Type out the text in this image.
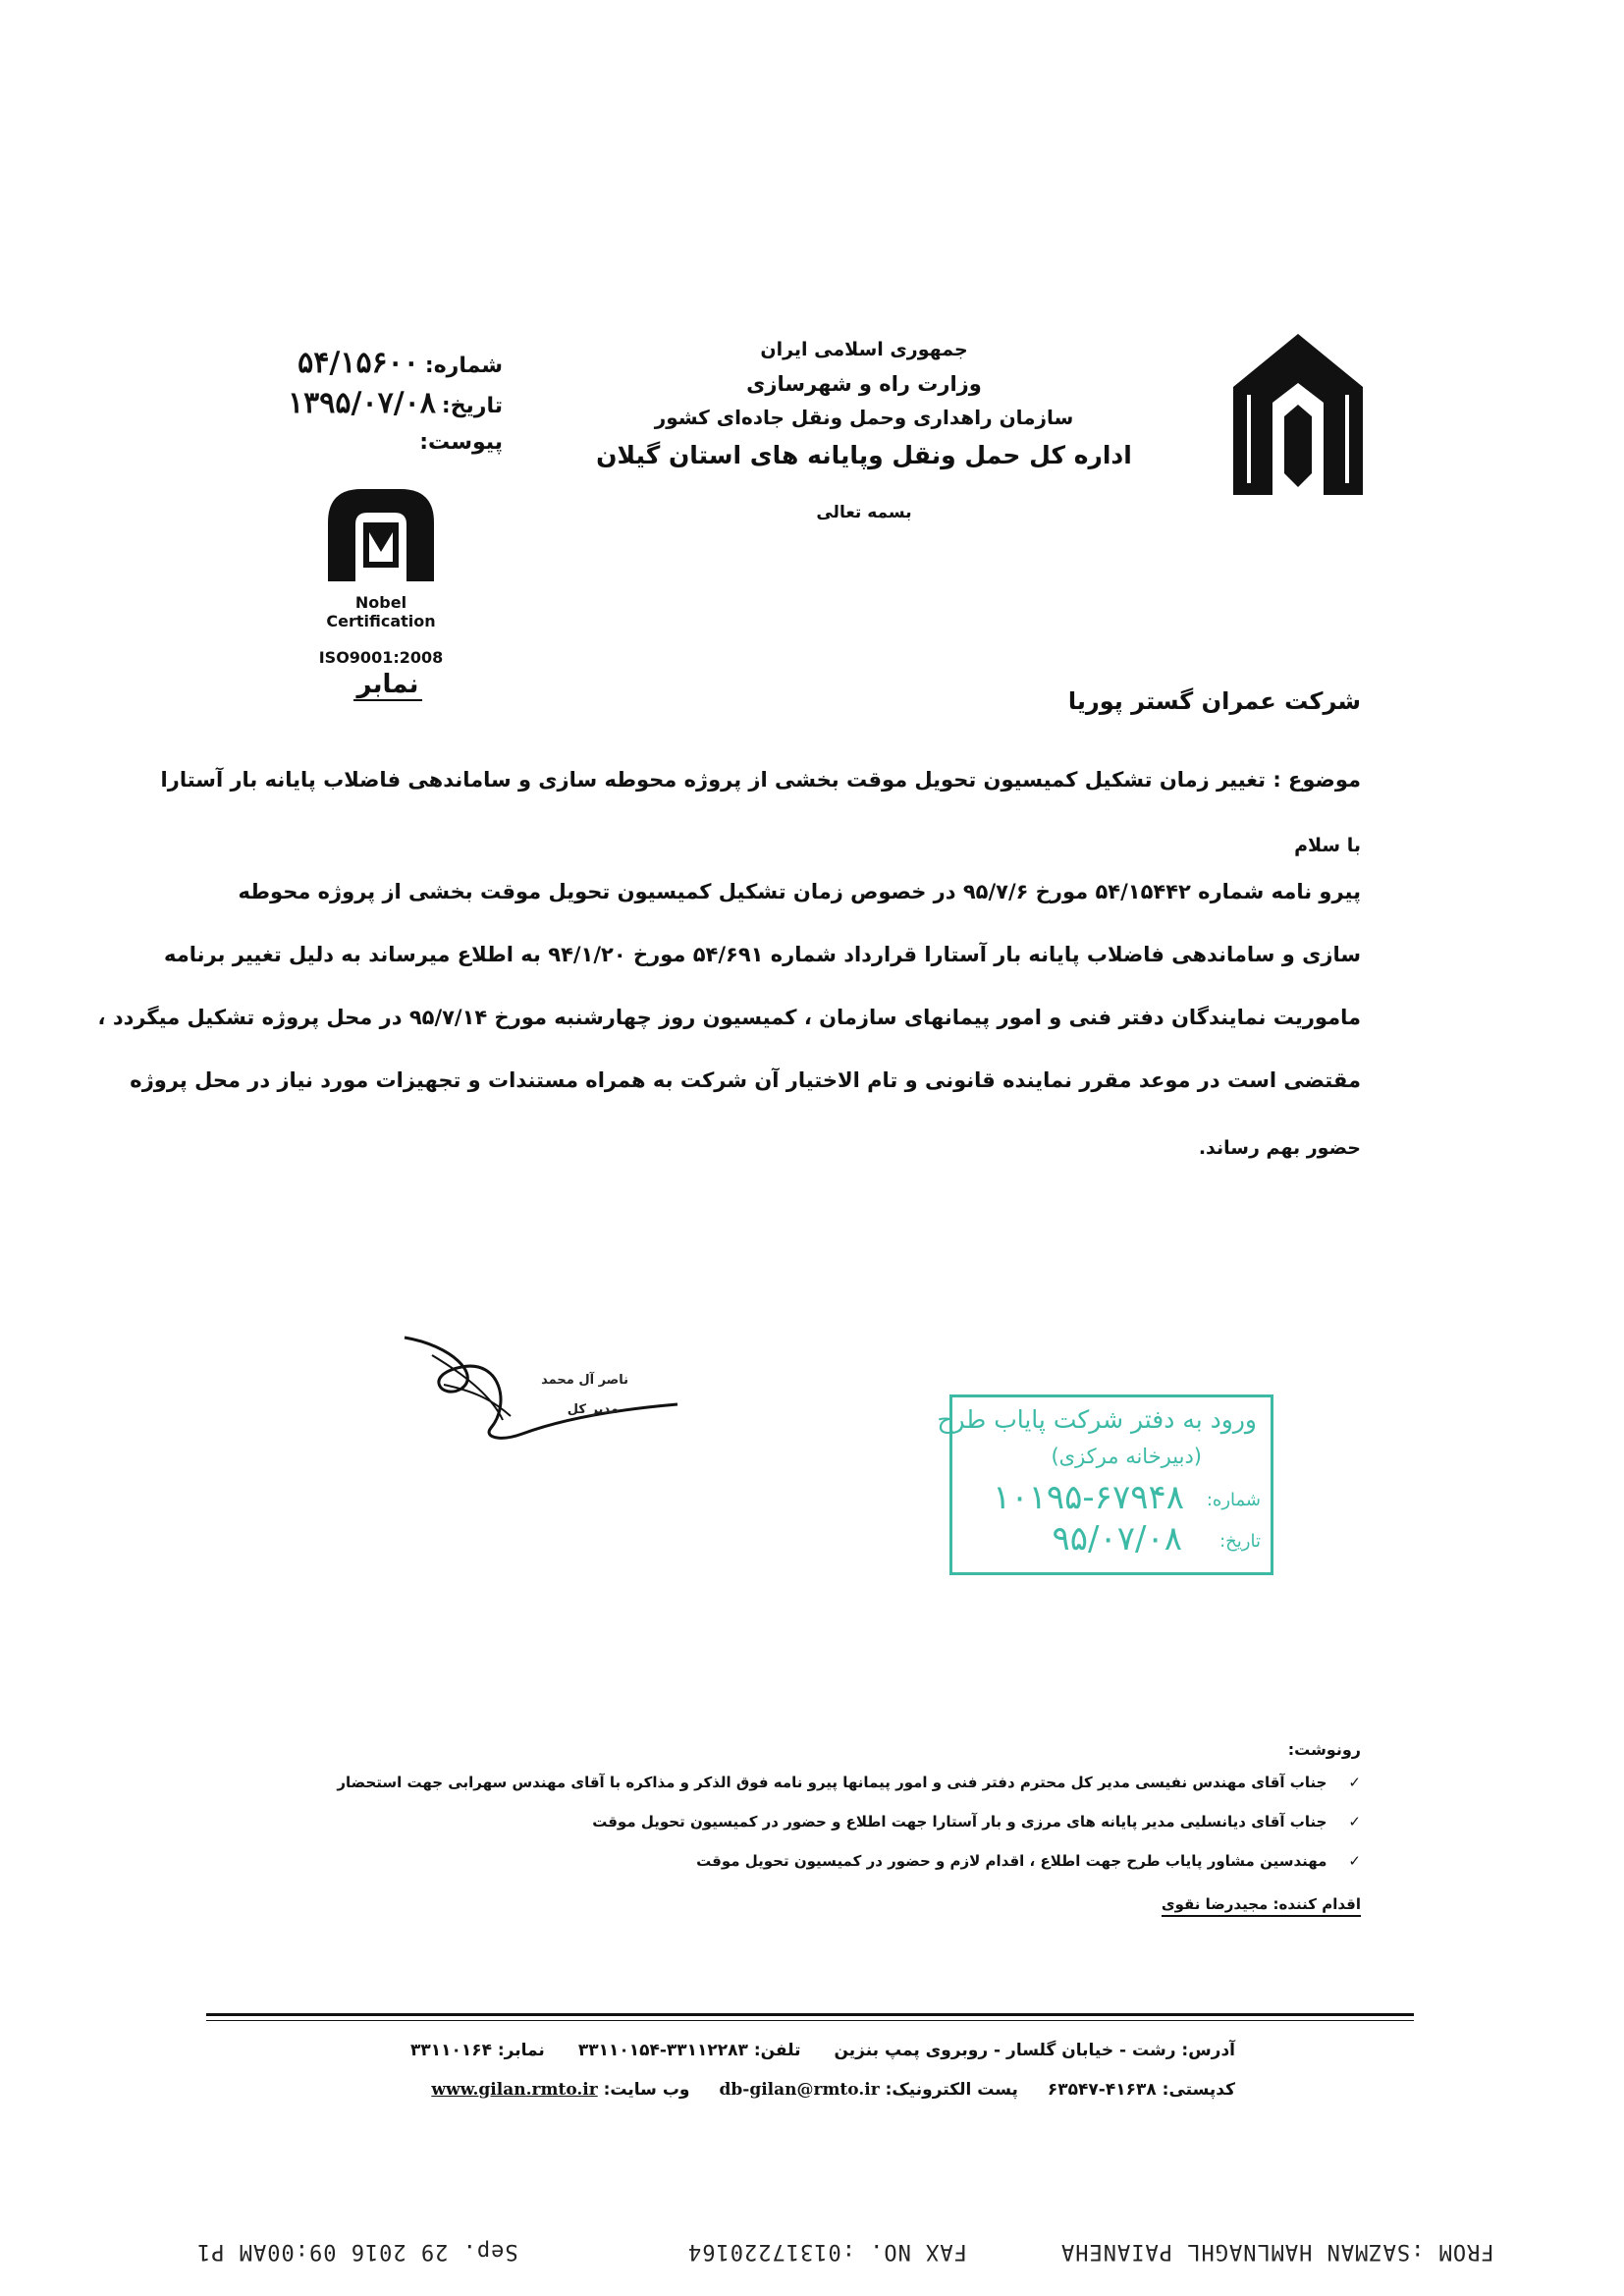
جمهوری اسلامی ایران
وزارت راه و شهرسازی
سازمان راهداری وحمل ونقل جاده‌ای کشور
اداره کل حمل ونقل وپایانه های استان گیلان
بسمه تعالی
شماره:
۵۴/۱۵۶۰۰
تاریخ:
۱۳۹۵/۰۷/۰۸
پیوست:
Nobel
Certification
ISO9001:2008
نمابر
شرکت عمران گستر پوریا
موضوع : تغییر زمان تشکیل کمیسیون تحویل موقت بخشی از پروژه محوطه سازی و ساماندهی فاضلاب پایانه بار آستارا
با سلام
پیرو نامه شماره ۵۴/۱۵۴۴۲ مورخ ۹۵/۷/۶ در خصوص زمان تشکیل کمیسیون تحویل موقت بخشی از پروژه محوطه
سازی و ساماندهی فاضلاب پایانه بار آستارا قرارداد شماره ۵۴/۶۹۱ مورخ ۹۴/۱/۲۰ به اطلاع میرساند به دلیل تغییر برنامه
ماموریت نمایندگان دفتر فنی و امور پیمانهای سازمان ، کمیسیون روز چهارشنبه مورخ ۹۵/۷/۱۴ در محل پروژه تشکیل میگردد ،
مقتضی است در موعد مقرر نماینده قانونی و تام الاختیار آن شرکت به همراه مستندات و تجهیزات مورد نیاز در محل پروژه
حضور بهم رساند.
ناصر آل محمد
مدیر کل	ورود به دفتر شرکت پایاب طرح
(دبیرخانه مرکزی)
شماره:
۱۰۱۹۵-۶۷۹۴۸
تاریخ:
۹۵/۰۷/۰۸
رونوشت:
✓جناب آقای مهندس نفیسی مدیر کل محترم دفتر فنی و امور پیمانها پیرو نامه فوق الذکر و مذاکره با آقای مهندس سهرابی جهت استحضار
✓جناب آقای دیانسلیی مدیر پایانه های مرزی و بار آستارا جهت اطلاع و حضور در کمیسیون تحویل موقت
✓مهندسین مشاور پایاب طرح جهت اطلاع ، اقدام لازم و حضور در کمیسیون تحویل موقت
اقدام کننده: مجیدرضا نقوی
آدرس: رشت - خیابان گلسار - روبروی پمپ بنزین
تلفن: ۳۳۱۱۲۲۸۳-۳۳۱۱۰۱۵۴
نمابر: ۳۳۱۱۰۱۶۴
کدپستی: ۴۱۶۳۸-۶۳۵۴۷
پست الکترونیک: db-gilan@rmto.ir
وب سایت: www.gilan.rmto.ir
FROM :SAZMAN HAMLNAGHL PAIANEHA
FAX NO. :01317220164
Sep. 29 2016 09:00AM P1
